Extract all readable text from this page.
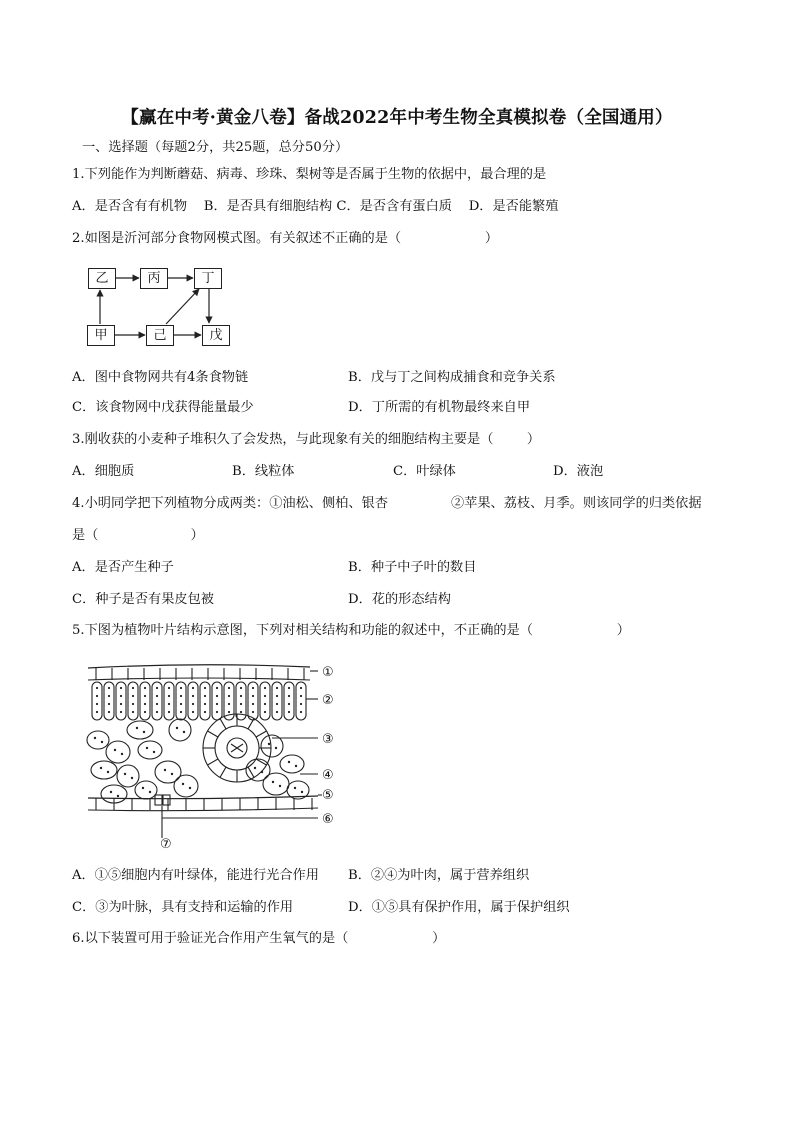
【赢在中考·黄金八卷】备战2022年中考生物全真模拟卷（全国通用）
一、选择题（每题2分，共25题，总分50分）
1.下列能作为判断蘑菇、病毒、珍珠、梨树等是否属于生物的依据中，最合理的是
A．是否含有有机物    B．是否具有细胞结构 C．是否含有蛋白质    D．是否能繁殖
2.如图是沂河部分食物网模式图。有关叙述不正确的是（                    ）
乙	丙	丁
甲	己	戊
A．图中食物网共有4条食物链	B．戊与丁之间构成捕食和竞争关系
C．该食物网中戊获得能量最少	D．丁所需的有机物最终来自甲
3.刚收获的小麦种子堆积久了会发热，与此现象有关的细胞结构主要是（        ）
A．细胞质	B．线粒体	C．叶绿体	D．液泡
4.小明同学把下列植物分成两类：①油松、侧柏、银杏	②苹果、荔枝、月季。则该同学的归类依据
是（                      ）
A．是否产生种子	B．种子中子叶的数目
C．种子是否有果皮包被	D．花的形态结构
5.下图为植物叶片结构示意图，下列对相关结构和功能的叙述中，不正确的是（                    ）
①
②
③
④
⑤
⑥
⑦
A．①⑤细胞内有叶绿体，能进行光合作用 B．②④为叶肉，属于营养组织
C．③为叶脉，具有支持和运输的作用	D．①⑤具有保护作用，属于保护组织
6.以下装置可用于验证光合作用产生氧气的是（                    ）
